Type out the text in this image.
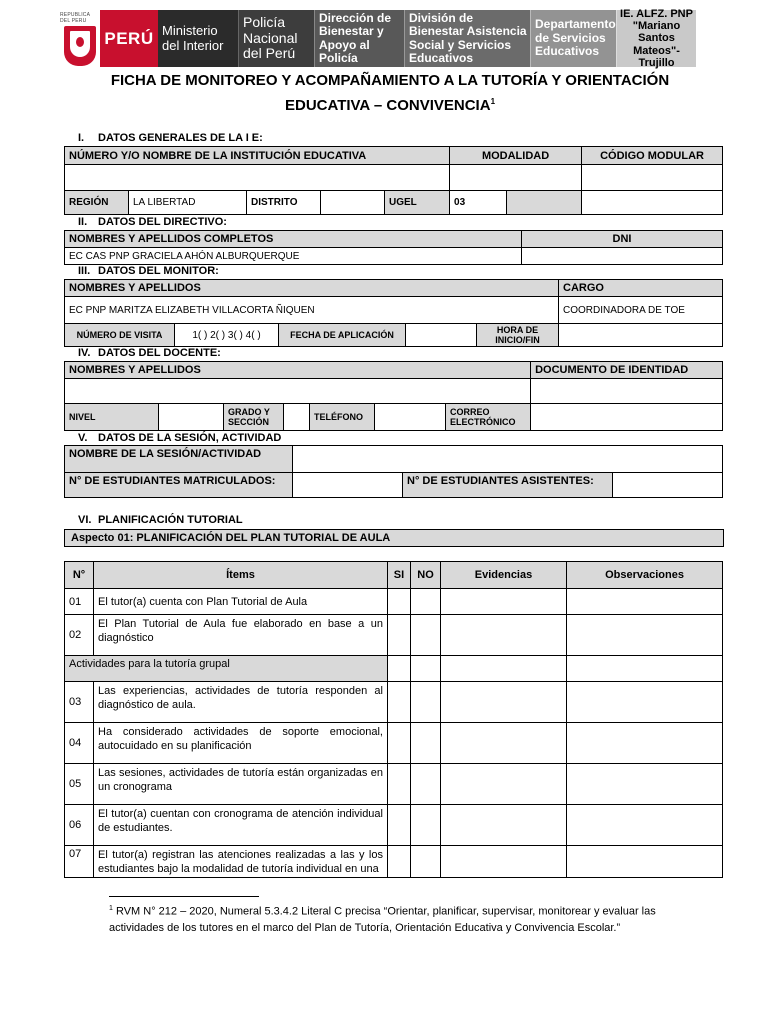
REPUBLICA DEL PERU
PERÚ Ministerio del Interior
Policía Nacional del Perú
Dirección de Bienestar y Apoyo al Policía
División de Bienestar Asistencia Social y Servicios Educativos
Departamento de Servicios Educativos
IE. ALFZ. PNP "Mariano Santos Mateos"-Trujillo
FICHA DE MONITOREO Y ACOMPAÑAMIENTO A LA TUTORÍA Y ORIENTACIÓN
EDUCATIVA – CONVIVENCIA$^1$
I. DATOS GENERALES DE LA I E:
NÚMERO Y/O NOMBRE DE LA INSTITUCIÓN EDUCATIVA					MODALIDAD		CÓDIGO MODULAR

REGIÓN	LA LIBERTAD	DISTRITO		UGEL	03		
II. DATOS DEL DIRECTIVO:
NOMBRES Y APELLIDOS COMPLETOS	DNI
EC CAS PNP GRACIELA AHÓN ALBURQUERQUE	
III. DATOS DEL MONITOR:
NOMBRES Y APELLIDOS					CARGO
EC PNP MARITZA ELIZABETH VILLACORTA ÑIQUEN					COORDINADORA DE TOE
NÚMERO DE VISITA	1( ) 2( ) 3( ) 4( )	FECHA DE APLICACIÓN		HORA DE INICIO/FIN	
IV. DATOS DEL DOCENTE:
NOMBRES Y APELLIDOS							DOCUMENTO DE IDENTIDAD

NIVEL		GRADO Y SECCIÓN		TELÉFONO		CORREO ELECTRÓNICO	
V. DATOS DE LA SESIÓN, ACTIVIDAD
NOMBRE DE LA SESIÓN/ACTIVIDAD			
N° DE ESTUDIANTES MATRICULADOS:		N° DE ESTUDIANTES ASISTENTES:	
VI. PLANIFICACIÓN TUTORIAL
Aspecto 01: PLANIFICACIÓN DEL PLAN TUTORIAL DE AULA
N°	Ítems	SI	NO	Evidencias	Observaciones
01	El tutor(a) cuenta con Plan Tutorial de Aula				
02	El Plan Tutorial de Aula fue elaborado en base a un diagnóstico				
Actividades para la tutoría grupal					
03	Las experiencias, actividades de tutoría responden al diagnóstico de aula.				
04	Ha considerado actividades de soporte emocional, autocuidado en su planificación				
05	Las sesiones, actividades de tutoría están organizadas en un cronograma				
06	El tutor(a) cuentan con cronograma de atención individual de estudiantes.				
07	El tutor(a) registran las atenciones realizadas a las y los estudiantes bajo la modalidad de tutoría individual en una				

$^1$ RVM N° 212 – 2020, Numeral 5.3.4.2 Literal C precisa “Orientar, planificar, supervisar, monitorear y evaluar las actividades de los tutores en el marco del Plan de Tutoría, Orientación Educativa y Convivencia Escolar.”
